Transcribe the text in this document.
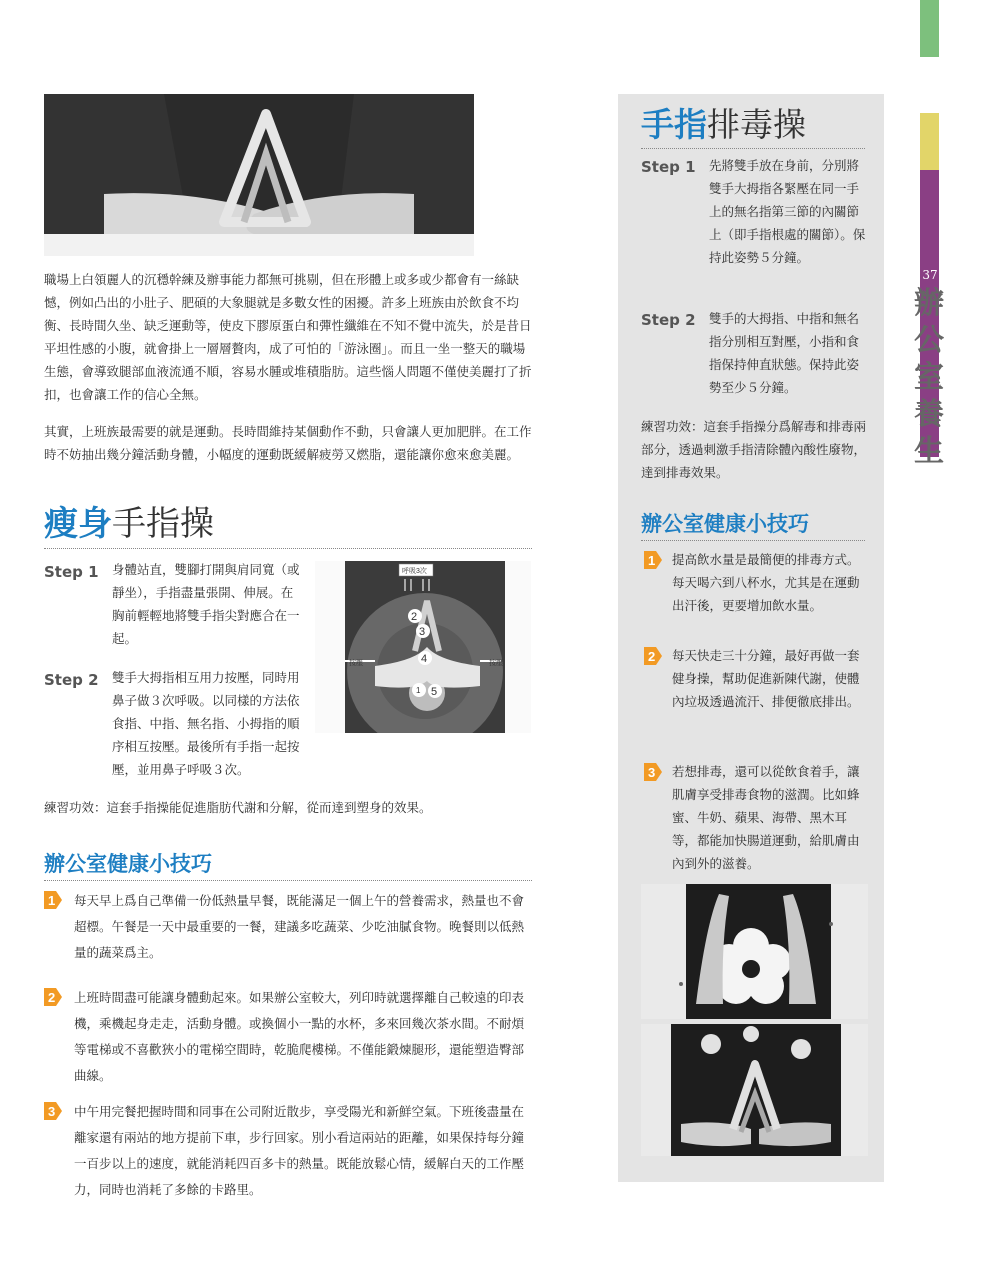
37
辦
公
室
養
生

職場上白領麗人的沉穩幹練及辦事能力都無可挑剔，但在形體上或多或少都會有一絲缺憾，例如凸出的小肚子、肥碩的大象腿就是多數女性的困擾。許多上班族由於飲食不均衡、長時間久坐、缺乏運動等，使皮下膠原蛋白和彈性纖維在不知不覺中流失，於是昔日平坦性感的小腹，就會掛上一層層贅肉，成了可怕的「游泳圈」。而且一坐一整天的職場生態，會導致腿部血液流通不順，容易水腫或堆積脂肪。這些惱人問題不僅使美麗打了折扣，也會讓工作的信心全無。

其實，上班族最需要的就是運動。長時間維持某個動作不動，只會讓人更加肥胖。在工作時不妨抽出幾分鐘活動身體，小幅度的運動既緩解疲勞又燃脂，還能讓你愈來愈美麗。

瘦身手指操
Step 1 身體站直，雙腳打開與肩同寬（或靜坐），手指盡量張開、伸展。在胸前輕輕地將雙手指尖對應合在一起。
Step 2 雙手大拇指相互用力按壓，同時用鼻子做３次呼吸。以同樣的方法依食指、中指、無名指、小拇指的順序相互按壓。最後所有手指一起按壓，並用鼻子呼吸３次。
呼吸3次
按壓	按壓
2
3
4
1 5

練習功效：這套手指操能促進脂肪代謝和分解，從而達到塑身的效果。

辦公室健康小技巧
1 每天早上爲自己準備一份低熱量早餐，既能滿足一個上午的營養需求，熱量也不會超標。午餐是一天中最重要的一餐，建議多吃蔬菜、少吃油膩食物。晚餐則以低熱量的蔬菜爲主。
2 上班時間盡可能讓身體動起來。如果辦公室較大，列印時就選擇離自己較遠的印表機，乘機起身走走，活動身體。或換個小一點的水杯，多來回幾次茶水間。不耐煩等電梯或不喜歡狹小的電梯空間時，乾脆爬樓梯。不僅能鍛煉腿形，還能塑造臀部曲線。
3 中午用完餐把握時間和同事在公司附近散步，享受陽光和新鮮空氣。下班後盡量在離家還有兩站的地方提前下車，步行回家。別小看這兩站的距離，如果保持每分鐘一百步以上的速度，就能消耗四百多卡的熱量。既能放鬆心情，緩解白天的工作壓力，同時也消耗了多餘的卡路里。
手指排毒操
Step 1 先將雙手放在身前，分別將雙手大拇指各緊壓在同一手上的無名指第三節的內關節上（即手指根處的關節）。保持此姿勢５分鐘。
Step 2 雙手的大拇指、中指和無名指分別相互對壓，小指和食指保持伸直狀態。保持此姿勢至少５分鐘。

練習功效：這套手指操分爲解毒和排毒兩部分，透過刺激手指清除體內酸性廢物，達到排毒效果。

辦公室健康小技巧
1 提高飲水量是最簡便的排毒方式。每天喝六到八杯水，尤其是在運動出汗後，更要增加飲水量。
2 每天快走三十分鐘，最好再做一套健身操，幫助促進新陳代謝，使體內垃圾透過流汗、排便徹底排出。
3 若想排毒，還可以從飲食着手，讓肌膚享受排毒食物的滋潤。比如蜂蜜、牛奶、蘋果、海帶、黑木耳等，都能加快腸道運動，給肌膚由內到外的滋養。
